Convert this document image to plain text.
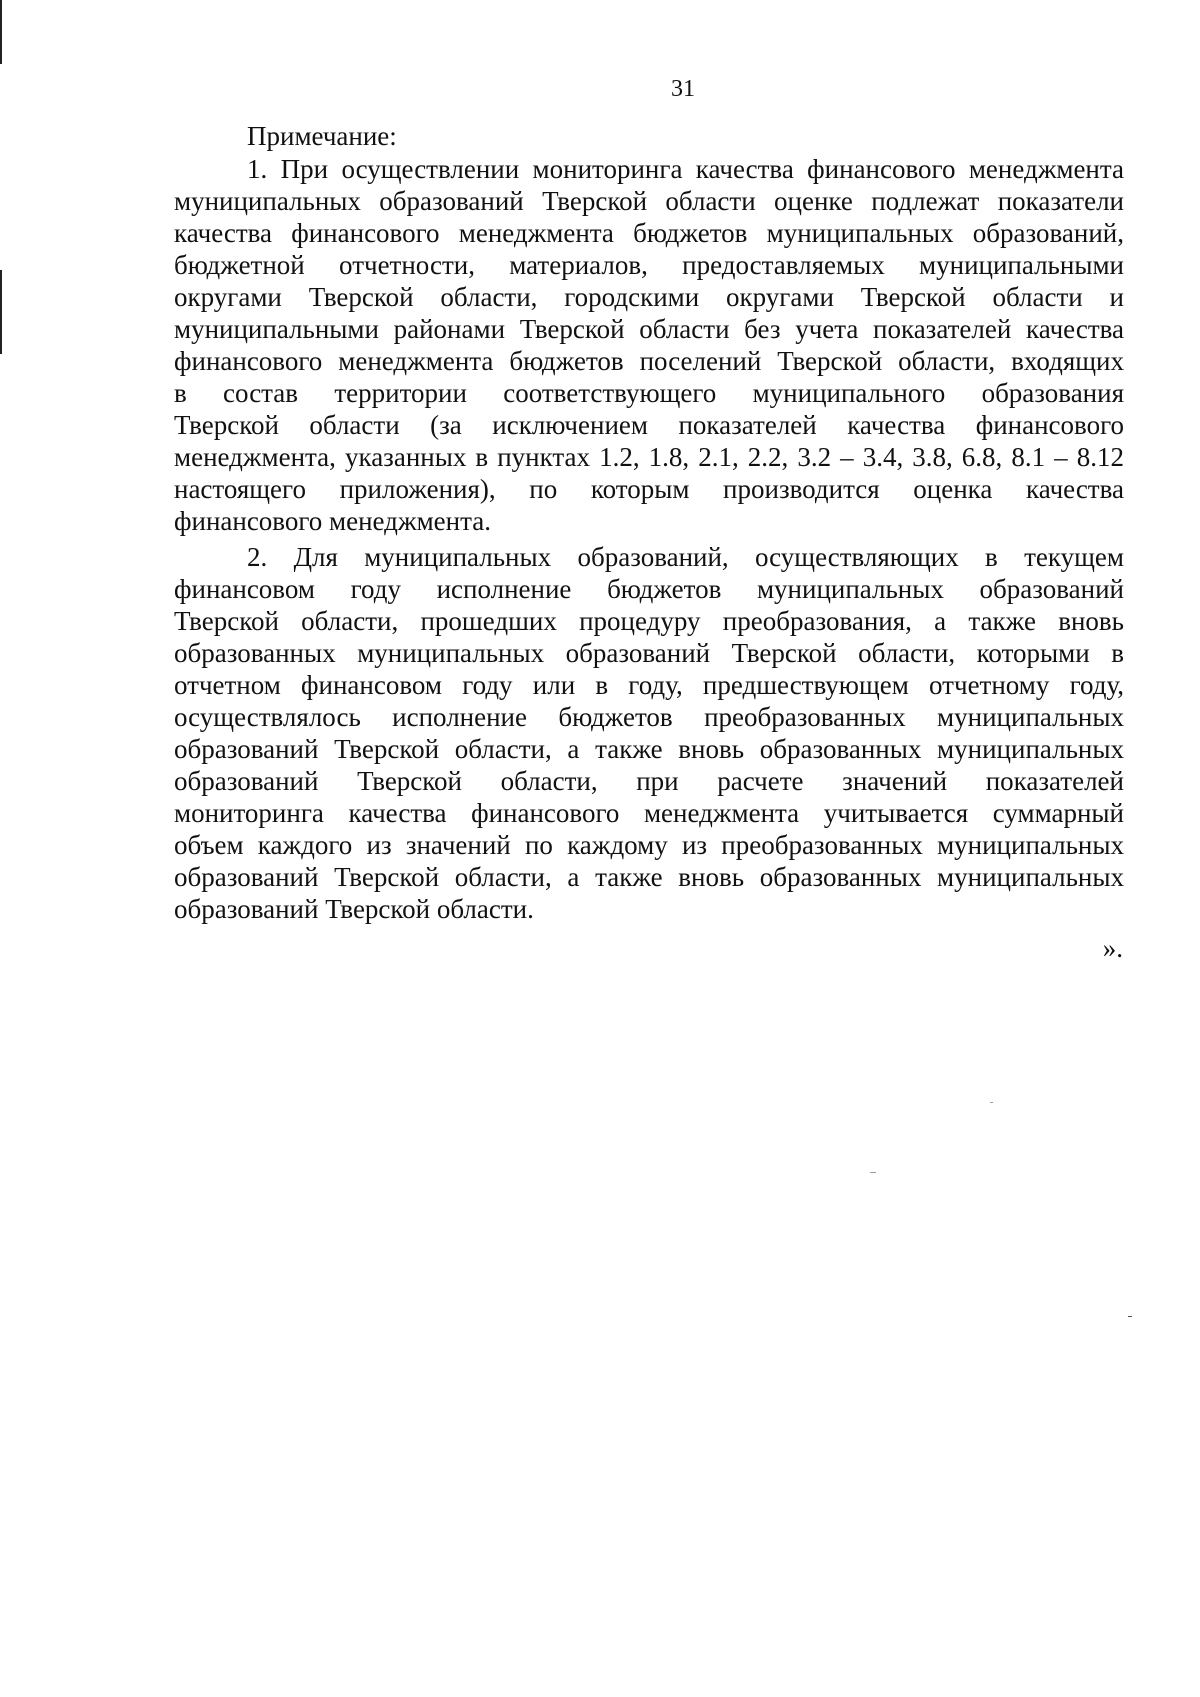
31
Примечание:
1. При осуществлении мониторинга качества финансового менеджмента
муниципальных образований Тверской области оценке подлежат показатели
качества финансового менеджмента бюджетов муниципальных образований,
бюджетной отчетности, материалов, предоставляемых муниципальными
округами Тверской области, городскими округами Тверской области и
муниципальными районами Тверской области без учета показателей качества
финансового менеджмента бюджетов поселений Тверской области, входящих
в состав территории соответствующего муниципального образования
Тверской области (за исключением показателей качества финансового
менеджмента, указанных в пунктах 1.2, 1.8, 2.1, 2.2, 3.2 – 3.4, 3.8, 6.8, 8.1 – 8.12
настоящего приложения), по которым производится оценка качества
финансового менеджмента.
2. Для муниципальных образований, осуществляющих в текущем
финансовом году исполнение бюджетов муниципальных образований
Тверской области, прошедших процедуру преобразования, а также вновь
образованных муниципальных образований Тверской области, которыми в
отчетном финансовом году или в году, предшествующем отчетному году,
осуществлялось исполнение бюджетов преобразованных муниципальных
образований Тверской области, а также вновь образованных муниципальных
образований Тверской области, при расчете значений показателей
мониторинга качества финансового менеджмента учитывается суммарный
объем каждого из значений по каждому из преобразованных муниципальных
образований Тверской области, а также вновь образованных муниципальных
образований Тверской области.
».
